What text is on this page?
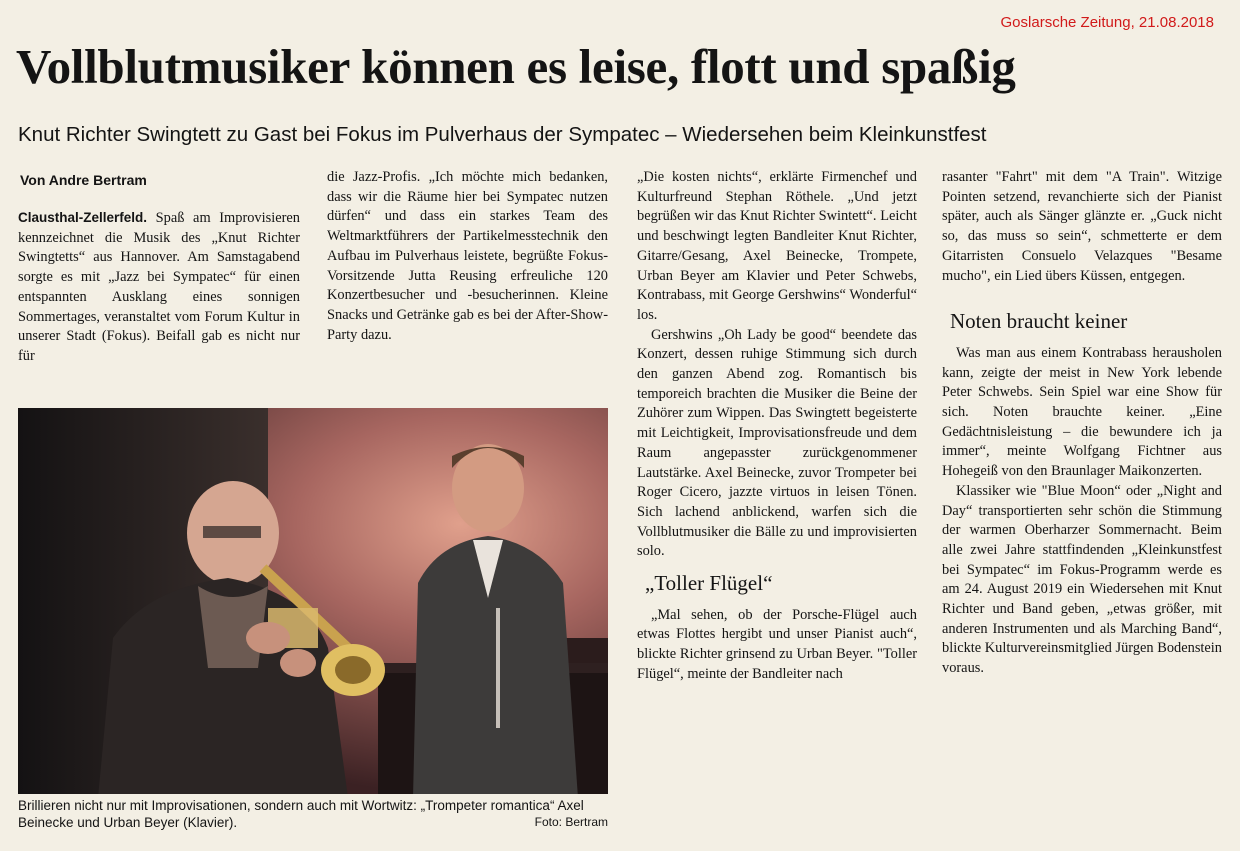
Goslarsche Zeitung, 21.08.2018
Vollblutmusiker können es leise, flott und spaßig
Knut Richter Swingtett zu Gast bei Fokus im Pulverhaus der Sympatec – Wiedersehen beim Kleinkunstfest
Von Andre Bertram

Clausthal-Zellerfeld. Spaß am Improvisieren kennzeichnet die Musik des „Knut Richter Swingtetts“ aus Hannover. Am Samstagabend sorgte es mit „Jazz bei Sympatec“ für einen entspannten Ausklang eines sonnigen Sommertages, veranstaltet vom Forum Kultur in unserer Stadt (Fokus). Beifall gab es nicht nur für

die Jazz-Profis. „Ich möchte mich bedanken, dass wir die Räume hier bei Sympatec nutzen dürfen“ und dass ein starkes Team des Weltmarktführers der Partikelmesstechnik den Aufbau im Pulverhaus leistete, begrüßte Fokus-Vorsitzende Jutta Reusing erfreuliche 120 Konzertbesucher und -besucherinnen. Kleine Snacks und Getränke gab es bei der After-Show-Party dazu.

Brillieren nicht nur mit Improvisationen, sondern auch mit Wortwitz: „Trompeter romantica“ Axel Beinecke und Urban Beyer (Klavier).	Foto: Bertram

„Die kosten nichts“, erklärte Firmenchef und Kulturfreund Stephan Röthele. „Und jetzt begrüßen wir das Knut Richter Swintett“. Leicht und beschwingt legten Bandleiter Knut Richter, Gitarre/Gesang, Axel Beinecke, Trompete, Urban Beyer am Klavier und Peter Schwebs, Kontrabass, mit George Gershwins“ Wonderful“ los.

Gershwins „Oh Lady be good“ beendete das Konzert, dessen ruhige Stimmung sich durch den ganzen Abend zog. Romantisch bis temporeich brachten die Musiker die Beine der Zuhörer zum Wippen. Das Swingtett begeisterte mit Leichtigkeit, Improvisationsfreude und dem Raum angepasster zurückgenommener Lautstärke. Axel Beinecke, zuvor Trompeter bei Roger Cicero, jazzte virtuos in leisen Tönen. Sich lachend anblickend, warfen sich die Vollblutmusiker die Bälle zu und improvisierten solo.

„Toller Flügel“

„Mal sehen, ob der Porsche-Flügel auch etwas Flottes hergibt und unser Pianist auch“, blickte Richter grinsend zu Urban Beyer. "Toller Flügel“, meinte der Bandleiter nach

rasanter "Fahrt" mit dem "A Train". Witzige Pointen setzend, revanchierte sich der Pianist später, auch als Sänger glänzte er. „Guck nicht so, das muss so sein“, schmetterte er dem Gitarristen Consuelo Velazques "Besame mucho", ein Lied übers Küssen, entgegen.

Noten braucht keiner

Was man aus einem Kontrabass herausholen kann, zeigte der meist in New York lebende Peter Schwebs. Sein Spiel war eine Show für sich. Noten brauchte keiner. „Eine Gedächtnisleistung – die bewundere ich ja immer“, meinte Wolfgang Fichtner aus Hohegeiß von den Braunlager Maikonzerten.

Klassiker wie "Blue Moon“ oder „Night and Day“ transportierten sehr schön die Stimmung der warmen Oberharzer Sommernacht. Beim alle zwei Jahre stattfindenden „Kleinkunstfest bei Sympatec“ im Fokus-Programm werde es am 24. August 2019 ein Wiedersehen mit Knut Richter und Band geben, „etwas größer, mit anderen Instrumenten und als Marching Band“, blickte Kulturvereinsmitglied Jürgen Bodenstein voraus.
